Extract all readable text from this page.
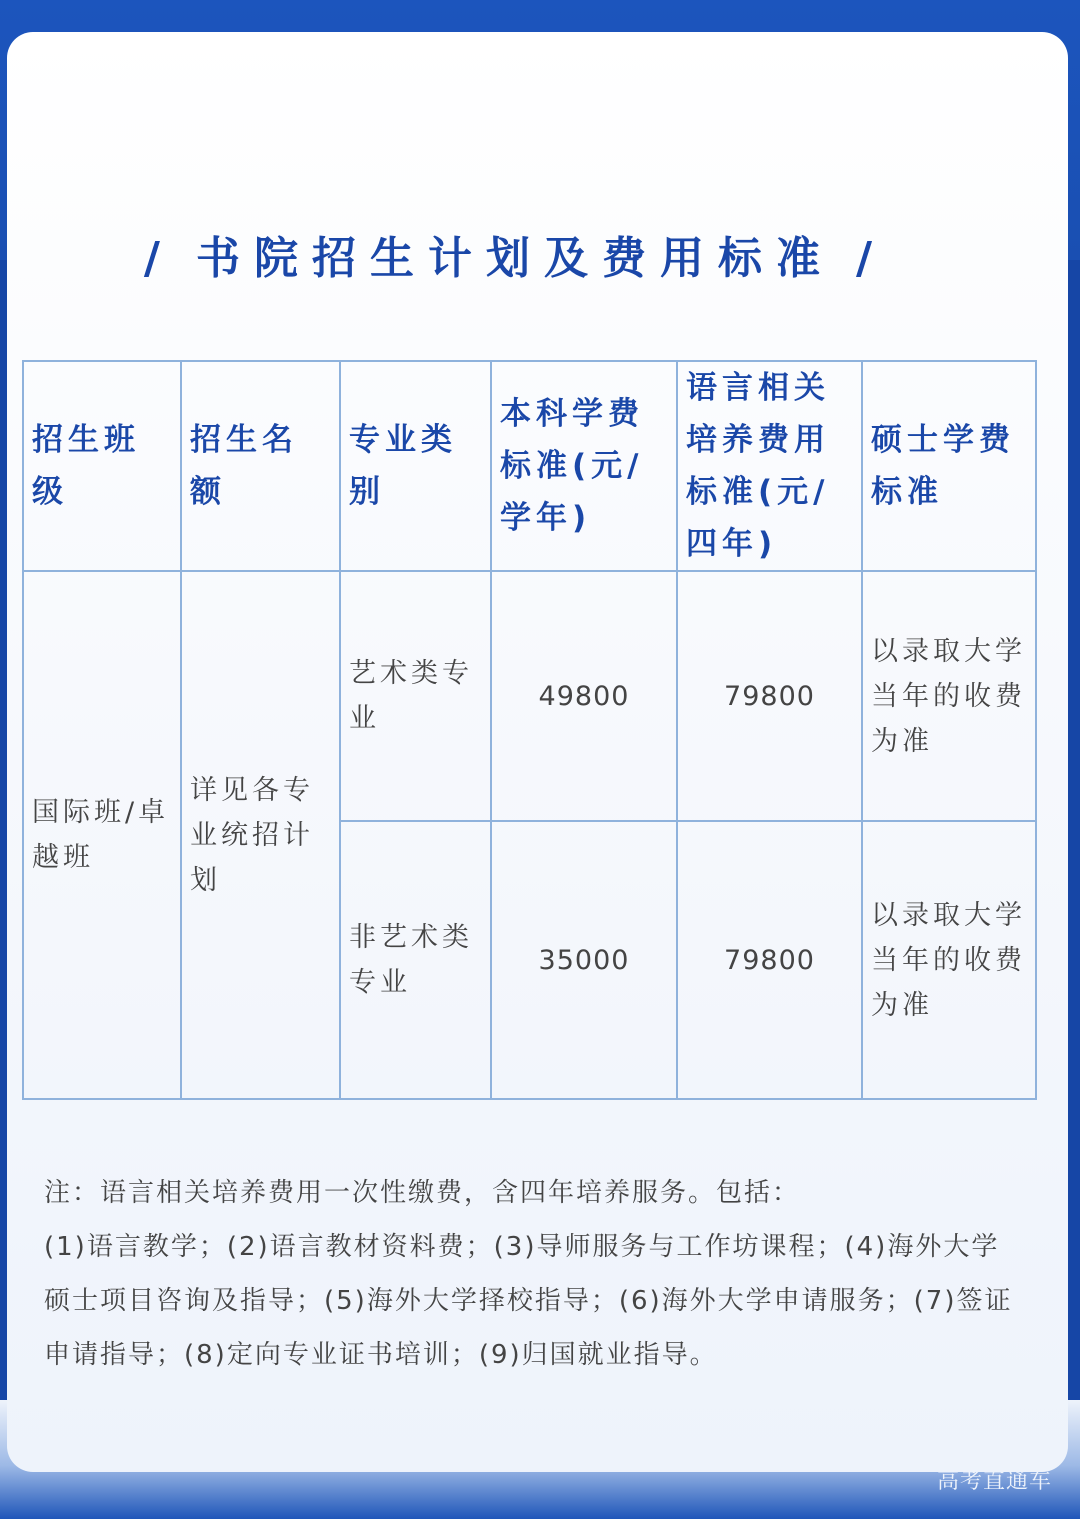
/ 书院招生计划及费用标准 /
招生班级	招生名额	专业类别	本科学费标准(元/学年)	语言相关培养费用标准(元/四年)	硕士学费标准
国际班/卓越班	详见各专业统招计划	艺术类专业	49800	79800	以录取大学当年的收费为准
		非艺术类专业	35000	79800	以录取大学当年的收费为准

注：语言相关培养费用一次性缴费，含四年培养服务。包括：

(1)语言教学；(2)语言教材资料费；(3)导师服务与工作坊课程；(4)海外大学硕士项目咨询及指导；(5)海外大学择校指导；(6)海外大学申请服务；(7)签证申请指导；(8)定向专业证书培训；(9)归国就业指导。

高考直通车
